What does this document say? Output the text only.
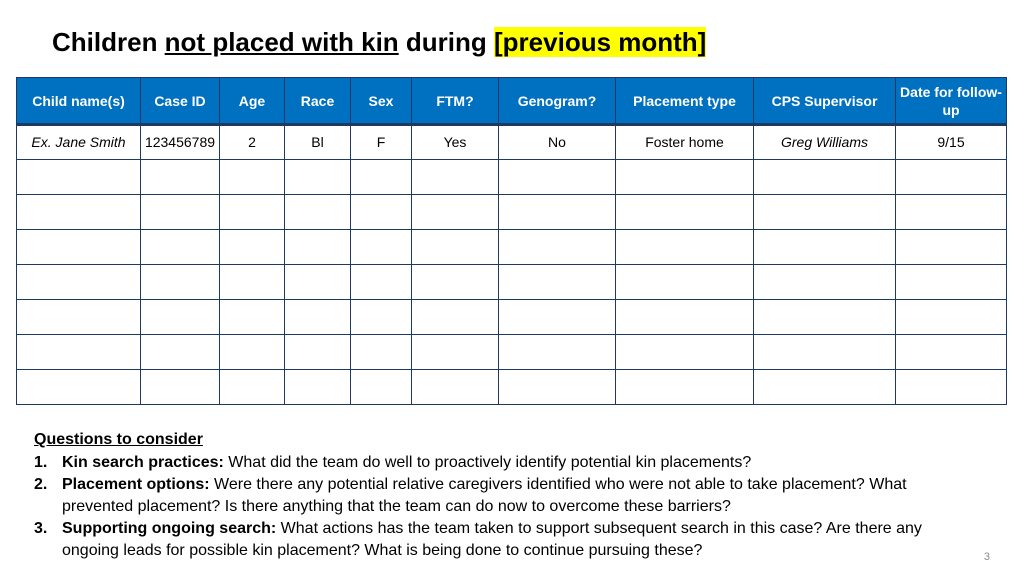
Children not placed with kin during [previous month]
Child name(s)	Case ID	Age	Race	Sex	FTM?	Genogram?	Placement type	CPS Supervisor	Date for follow-up
Ex. Jane Smith	123456789	2	Bl	F	Yes	No	Foster home	Greg Williams	9/15

Questions to consider
1. Kin search practices: What did the team do well to proactively identify potential kin placements?
2. Placement options: Were there any potential relative caregivers identified who were not able to take placement? What prevented placement? Is there anything that the team can do now to overcome these barriers?
3. Supporting ongoing search: What actions has the team taken to support subsequent search in this case? Are there any ongoing leads for possible kin placement? What is being done to continue pursuing these?	3
